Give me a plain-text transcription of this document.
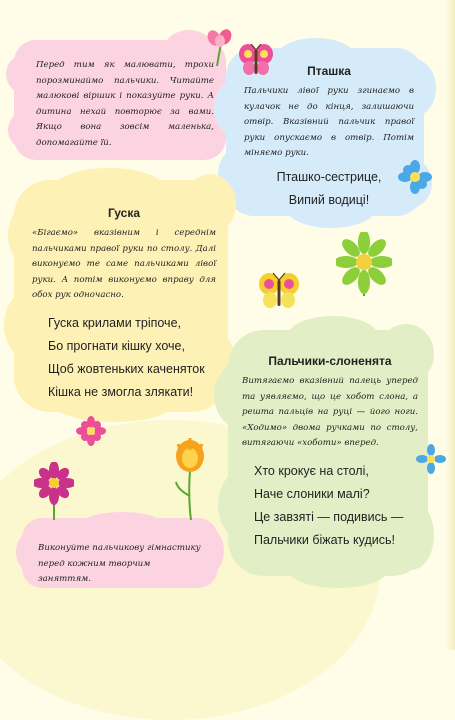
Перед тим як малювати, трохи порозминаймо пальчики. Читайте малюкові віршик і показуйте руки. А дитина нехай повторює за вами. Якщо вона зовсім маленька, допомагайте їй.

Пташка

Пальчики лівої руки згинаємо в кулачок не до кінця, залишаючи отвір. Вказівний пальчик правої руки опускаємо в отвір. Потім міняємо руки.

Пташко-сестрице,
Випий водиці!

Гуска

«Бігаємо» вказівним і середнім пальчиками правої руки по столу. Далі виконуємо те саме пальчиками лівої руки. А потім виконуємо вправу для обох рук одночасно.

Гуска крилами тріпоче,
Бо прогнати кішку хоче,
Щоб жовтеньких каченяток
Кішка не змогла злякати!

Пальчики-слоненята

Витягаємо вказівний палець уперед та уявляємо, що це хобот слона, а решта пальців на руці — його ноги. «Ходимо» двома ручками по столу, витягаючи «хоботи» вперед.

Хто крокує на столі,
Наче слоники малі?
Це завзяті — подивись —
Пальчики біжать кудись!

Виконуйте пальчикову гімнастику перед кожним творчим заняттям.
